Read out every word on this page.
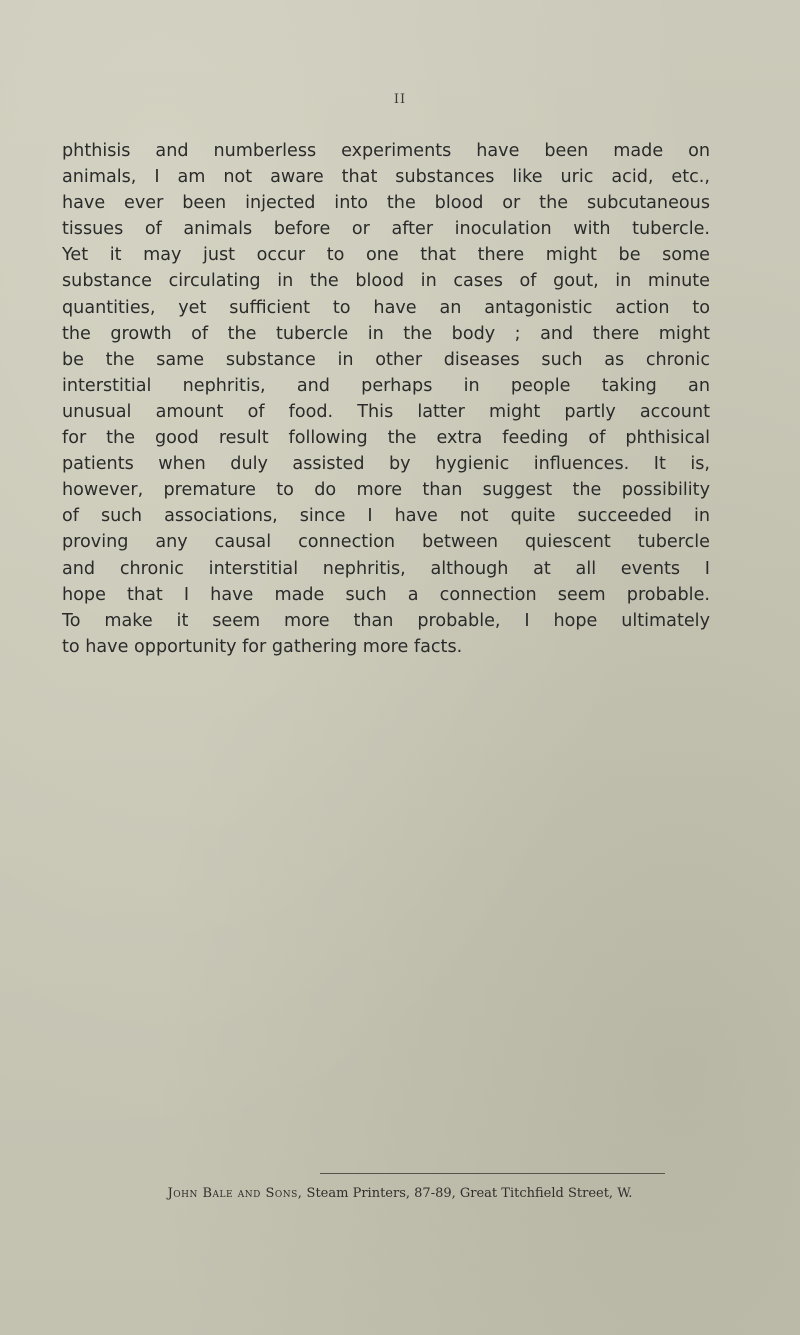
II
phthisis and numberless experiments have been made on
animals, I am not aware that substances like uric acid, etc.,
have ever been injected into the blood or the subcutaneous
tissues of animals before or after inoculation with tubercle.
Yet it may just occur to one that there might be some
substance circulating in the blood in cases of gout, in minute
quantities, yet sufficient to have an antagonistic action to
the growth of the tubercle in the body ; and there might
be the same substance in other diseases such as chronic
interstitial nephritis, and perhaps in people taking an
unusual amount of food. This latter might partly account
for the good result following the extra feeding of phthisical
patients when duly assisted by hygienic influences. It is,
however, premature to do more than suggest the possibility
of such associations, since I have not quite succeeded in
proving any causal connection between quiescent tubercle
and chronic interstitial nephritis, although at all events I
hope that I have made such a connection seem probable.
To make it seem more than probable, I hope ultimately
to have opportunity for gathering more facts.
John Bale and Sons, Steam Printers, 87-89, Great Titchfield Street, W.
